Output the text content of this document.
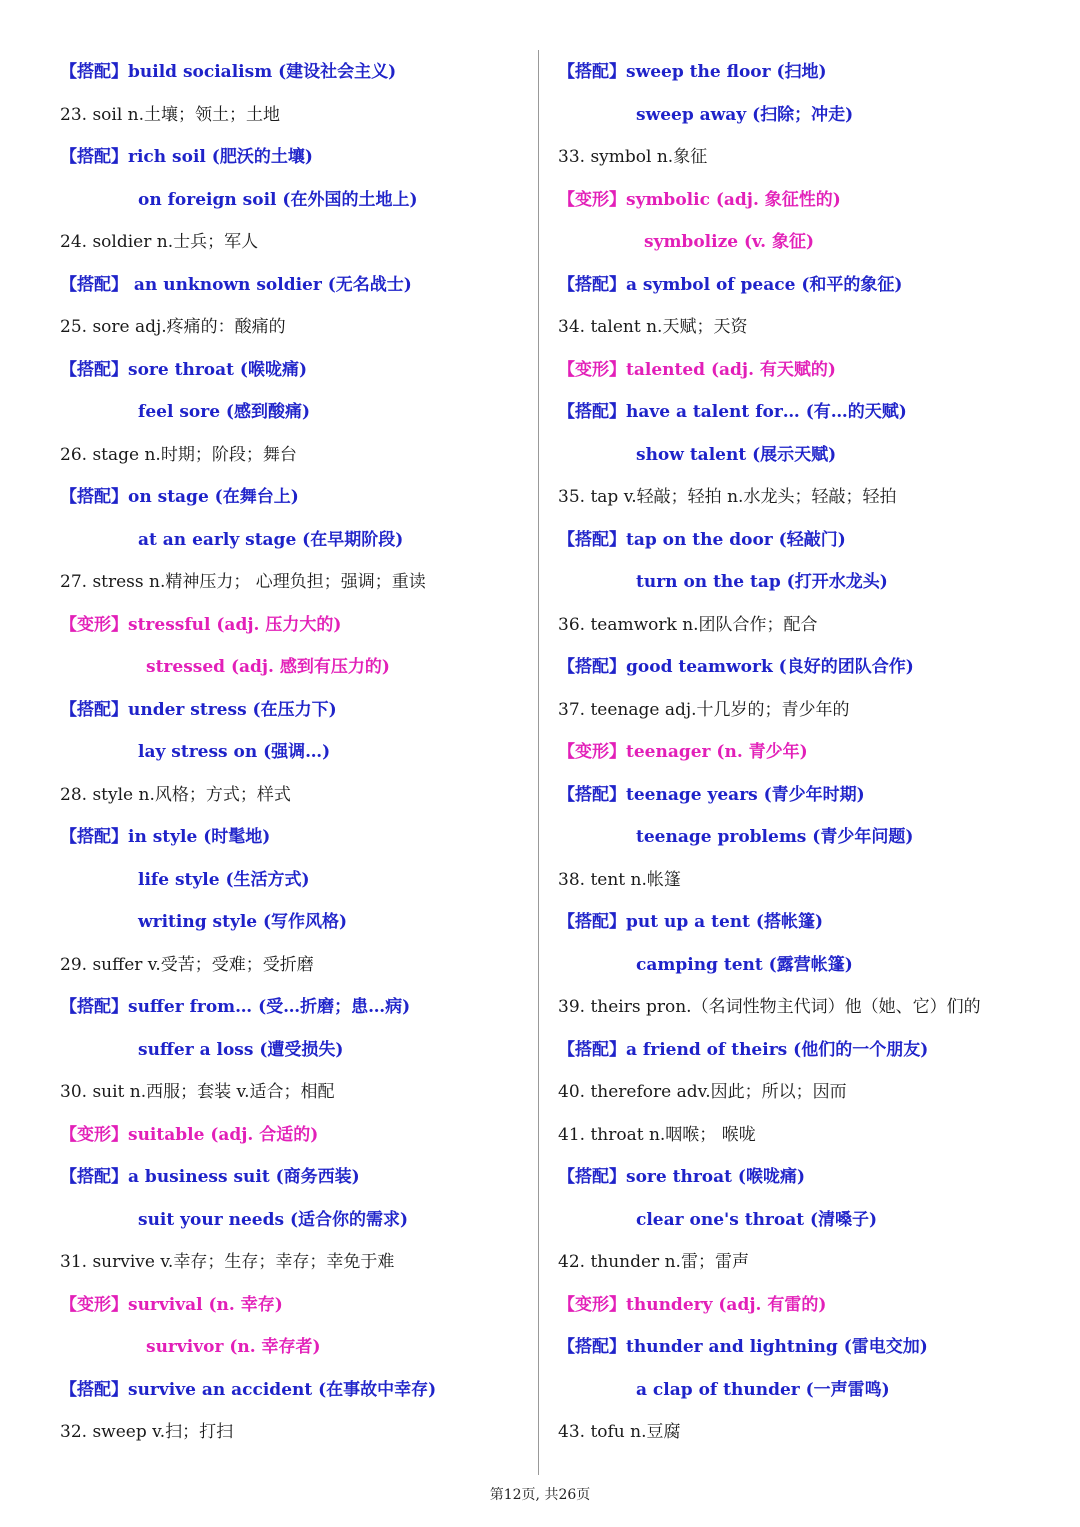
【搭配】build socialism (建设社会主义)
23. soil n.土壤；领土；土地
【搭配】rich soil (肥沃的土壤)
on foreign soil (在外国的土地上)
24. soldier n.士兵；军人
【搭配】 an unknown soldier (无名战士)
25. sore adj.疼痛的：酸痛的
【搭配】sore throat (喉咙痛)
feel sore (感到酸痛)
26. stage n.时期；阶段；舞台
【搭配】on stage (在舞台上)
at an early stage (在早期阶段)
27. stress n.精神压力； 心理负担；强调；重读
【变形】stressful (adj. 压力大的)
stressed (adj. 感到有压力的)
【搭配】under stress (在压力下)
lay stress on (强调…)
28. style n.风格；方式；样式
【搭配】in style (时髦地)
life style (生活方式)
writing style (写作风格)
29. suffer v.受苦；受难；受折磨
【搭配】suffer from… (受…折磨；患…病)
suffer a loss (遭受损失)
30. suit n.西服；套装 v.适合；相配
【变形】suitable (adj. 合适的)
【搭配】a business suit (商务西装)
suit your needs (适合你的需求)
31. survive v.幸存；生存；幸存；幸免于难
【变形】survival (n. 幸存)
survivor (n. 幸存者)
【搭配】survive an accident (在事故中幸存)
32. sweep v.扫；打扫
【搭配】sweep the floor (扫地)
sweep away (扫除；冲走)
33. symbol n.象征
【变形】symbolic (adj. 象征性的)
symbolize (v. 象征)
【搭配】a symbol of peace (和平的象征)
34. talent n.天赋；天资
【变形】talented (adj. 有天赋的)
【搭配】have a talent for… (有…的天赋)
show talent (展示天赋)
35. tap v.轻敲；轻拍 n.水龙头；轻敲；轻拍
【搭配】tap on the door (轻敲门)
turn on the tap (打开水龙头)
36. teamwork n.团队合作；配合
【搭配】good teamwork (良好的团队合作)
37. teenage adj.十几岁的；青少年的
【变形】teenager (n. 青少年)
【搭配】teenage years (青少年时期)
teenage problems (青少年问题)
38. tent n.帐篷
【搭配】put up a tent (搭帐篷)
camping tent (露营帐篷)
39. theirs pron.（名词性物主代词）他（她、它）们的
【搭配】a friend of theirs (他们的一个朋友)
40. therefore adv.因此；所以；因而
41. throat n.咽喉； 喉咙
【搭配】sore throat (喉咙痛)
clear one's throat (清嗓子)
42. thunder n.雷；雷声
【变形】thundery (adj. 有雷的)
【搭配】thunder and lightning (雷电交加)
a clap of thunder (一声雷鸣)
43. tofu n.豆腐
第12页, 共26页
